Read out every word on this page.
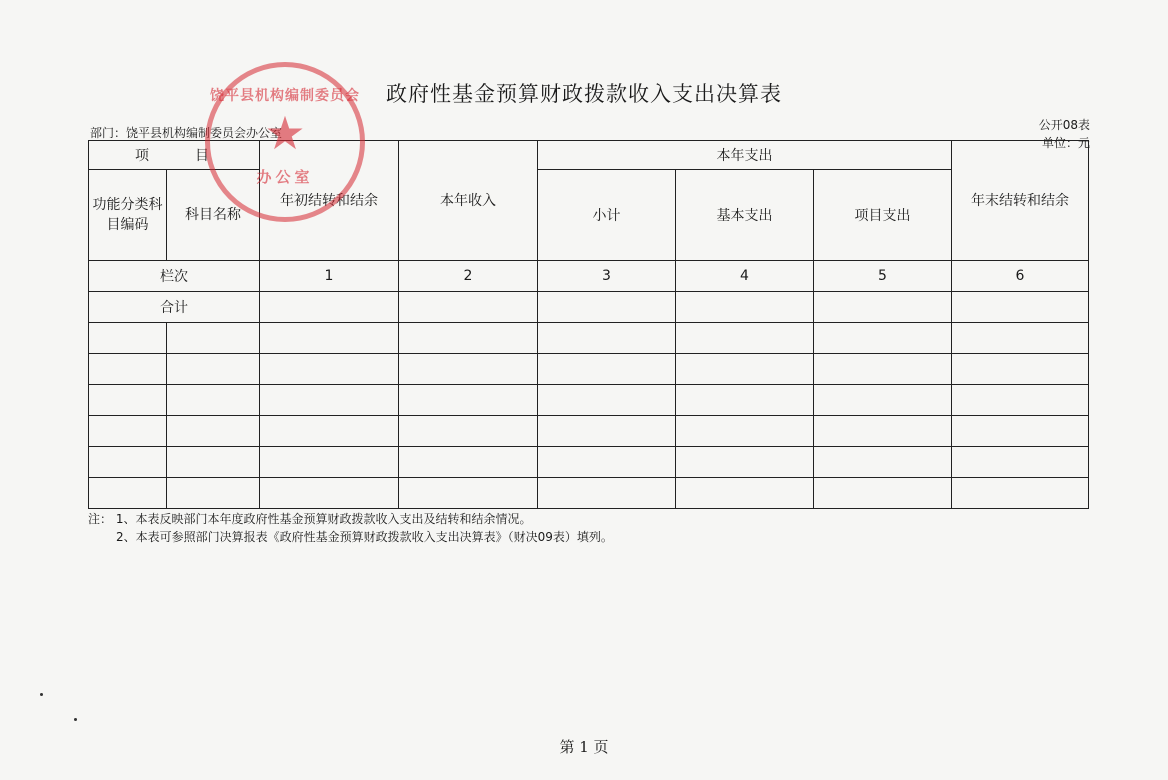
政府性基金预算财政拨款收入支出决算表
公开08表
单位：元
部门：饶平县机构编制委员会办公室
项　　目		年初结转和结余	本年收入	本年支出			年末结转和结余
功能分类科目编码	科目名称			小计	基本支出	项目支出	
栏次		1	2	3	4	5	6
合计							

注： 1、本表反映部门本年度政府性基金预算财政拨款收入支出及结转和结余情况。
2、本表可参照部门决算报表《政府性基金预算财政拨款收入支出决算表》（财决09表）填列。
第 1 页
饶平县机构编制委员会
★
办公室
